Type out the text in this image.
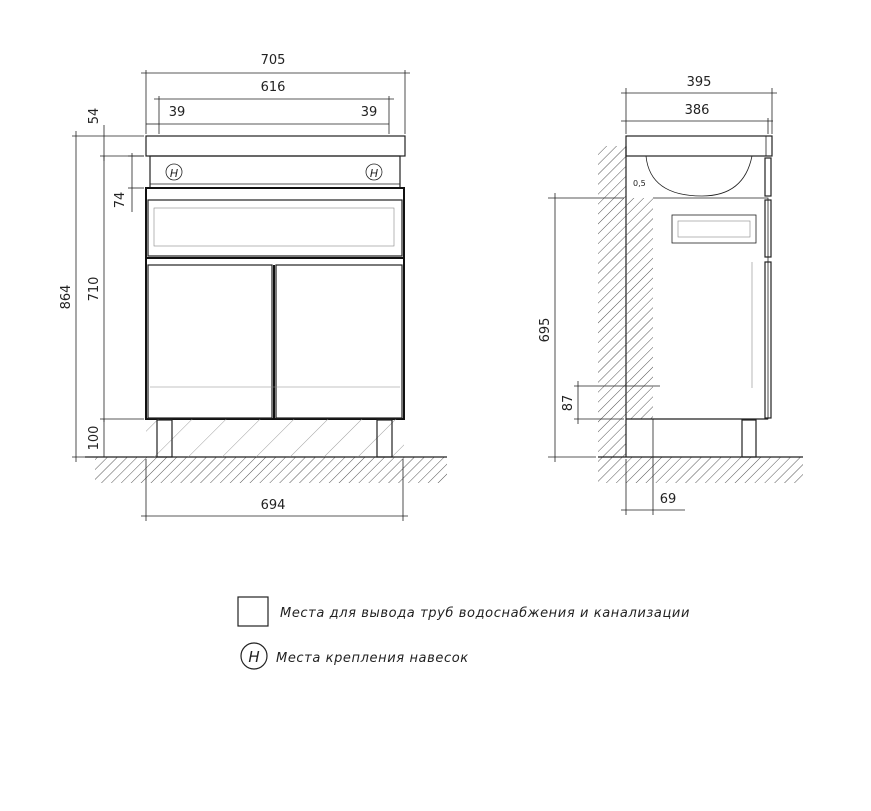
H	H
705
616
39	39
864
54
710
74
100
694
0,5
395
386
695
87
69
Места для вывода труб водоснабжения и канализации
H Места крепления навесок
